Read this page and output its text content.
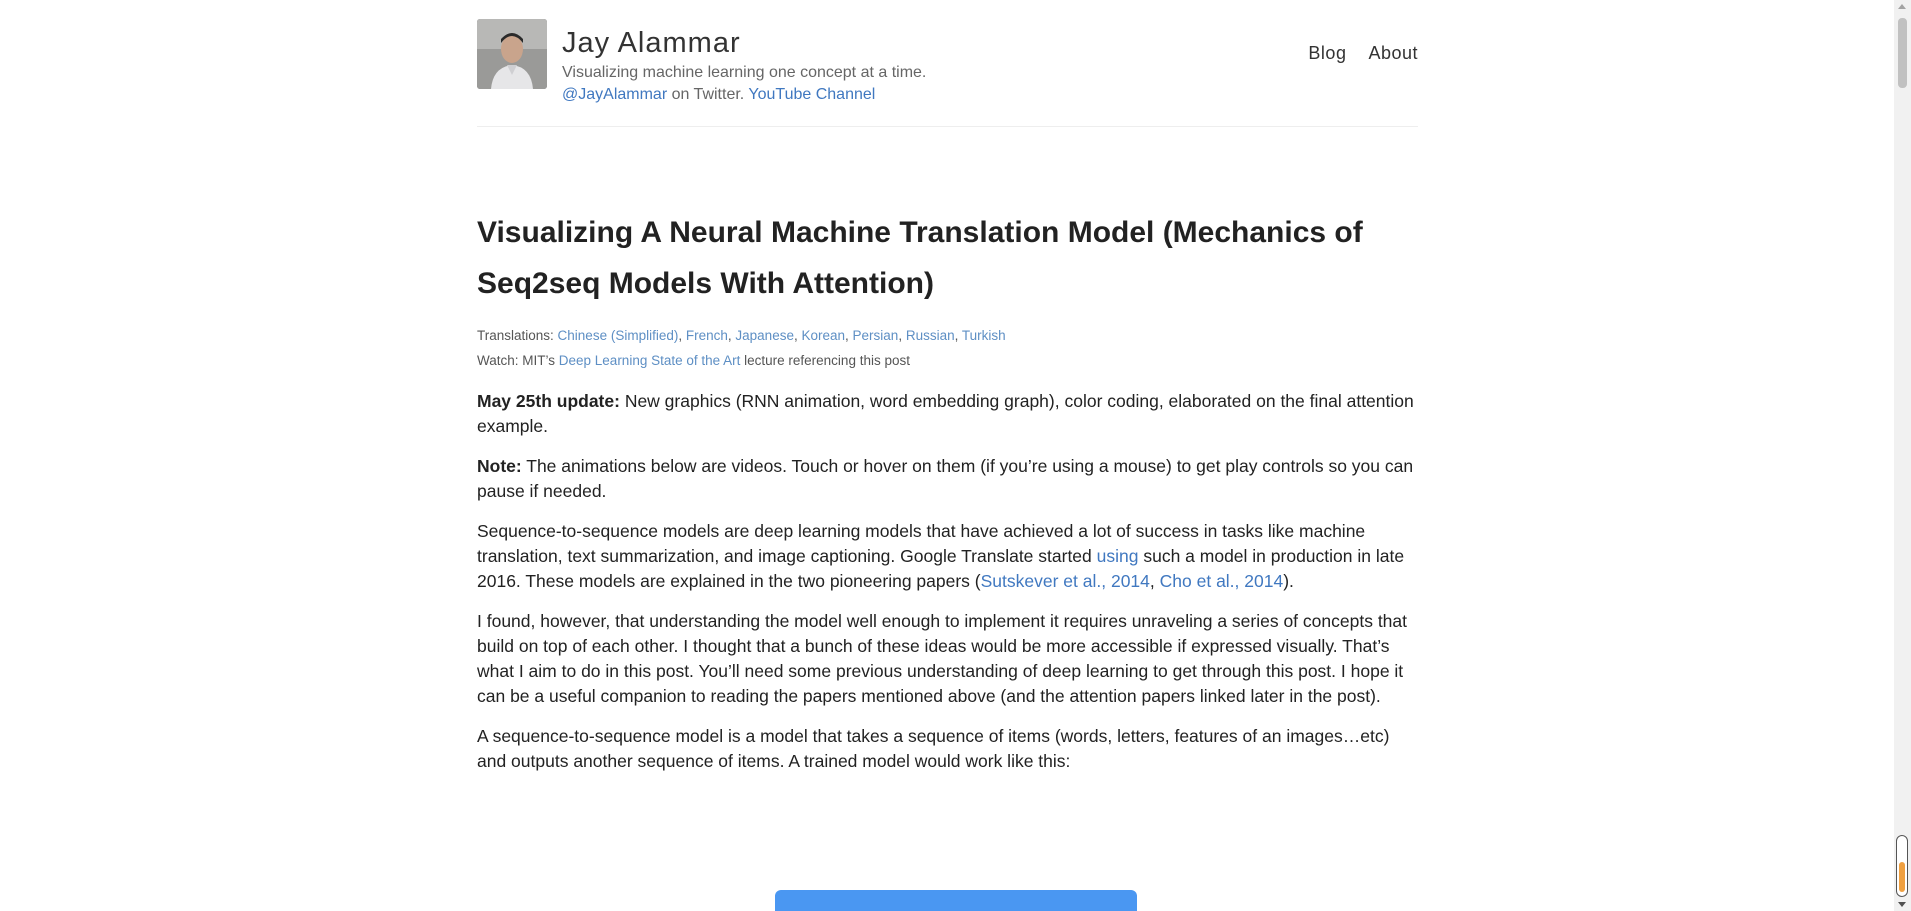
Jay Alammar
Visualizing machine learning one concept at a time.
@JayAlammar on Twitter. YouTube Channel
Blog About
Visualizing A Neural Machine Translation Model (Mechanics of Seq2seq Models With Attention)
Translations: Chinese (Simplified), French, Japanese, Korean, Persian, Russian, Turkish
Watch: MIT’s Deep Learning State of the Art lecture referencing this post

May 25th update: New graphics (RNN animation, word embedding graph), color coding, elaborated on the final attention example.

Note: The animations below are videos. Touch or hover on them (if you’re using a mouse) to get play controls so you can pause if needed.

Sequence-to-sequence models are deep learning models that have achieved a lot of success in tasks like machine translation, text summarization, and image captioning. Google Translate started using such a model in production in late 2016. These models are explained in the two pioneering papers (Sutskever et al., 2014, Cho et al., 2014).

I found, however, that understanding the model well enough to implement it requires unraveling a series of concepts that build on top of each other. I thought that a bunch of these ideas would be more accessible if expressed visually. That’s what I aim to do in this post. You’ll need some previous understanding of deep learning to get through this post. I hope it can be a useful companion to reading the papers mentioned above (and the attention papers linked later in the post).

A sequence-to-sequence model is a model that takes a sequence of items (words, letters, features of an images…etc) and outputs another sequence of items. A trained model would work like this:
